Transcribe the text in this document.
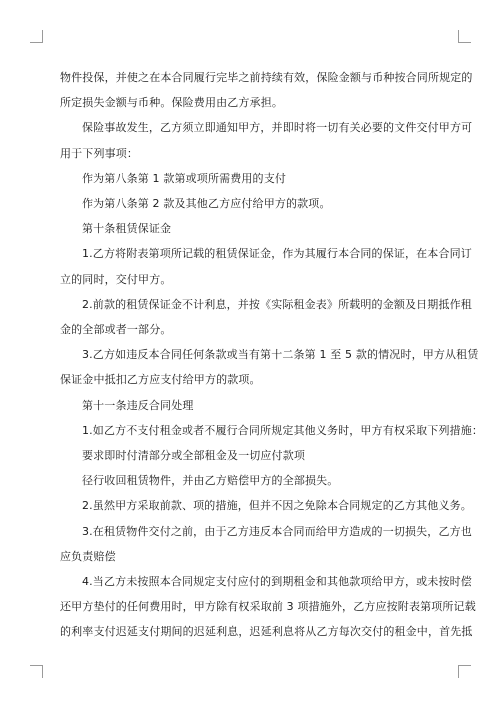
物件投保，并使之在本合同履行完毕之前持续有效，保险金额与币种按合同所规定的

所定损失金额与币种。保险费用由乙方承担。

保险事故发生，乙方须立即通知甲方，并即时将一切有关必要的文件交付甲方可

用于下列事项：

作为第八条第 1 款第或项所需费用的支付

作为第八条第 2 款及其他乙方应付给甲方的款项。

第十条租赁保证金

1.乙方将附表第项所记载的租赁保证金，作为其履行本合同的保证，在本合同订

立的同时，交付甲方。

2.前款的租赁保证金不计利息，并按《实际租金表》所载明的金额及日期抵作租

金的全部或者一部分。

3.乙方如违反本合同任何条款或当有第十二条第 1 至 5 款的情况时，甲方从租赁

保证金中抵扣乙方应支付给甲方的款项。

第十一条违反合同处理

1.如乙方不支付租金或者不履行合同所规定其他义务时，甲方有权采取下列措施：

要求即时付清部分或全部租金及一切应付款项

径行收回租赁物件，并由乙方赔偿甲方的全部损失。

2.虽然甲方采取前款、项的措施，但并不因之免除本合同规定的乙方其他义务。

3.在租赁物件交付之前，由于乙方违反本合同而给甲方造成的一切损失，乙方也

应负责赔偿

4.当乙方未按照本合同规定支付应付的到期租金和其他款项给甲方，或未按时偿

还甲方垫付的任何费用时，甲方除有权采取前 3 项措施外，乙方应按附表第项所记载

的利率支付迟延支付期间的迟延利息，迟延利息将从乙方每次交付的租金中，首先抵
